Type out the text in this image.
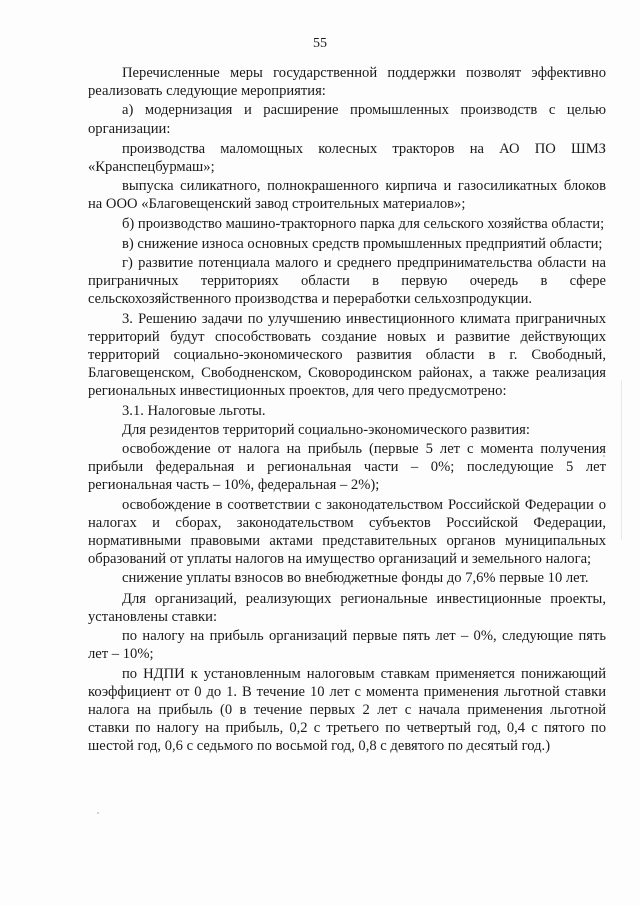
55

Перечисленные меры государственной поддержки позволят эффективно реализовать следующие мероприятия:

а) модернизация и расширение промышленных производств с целью организации:

производства маломощных колесных тракторов на АО ПО ШМЗ «Кранспецбурмаш»;

выпуска силикатного, полнокрашенного кирпича и газосиликатных блоков на ООО «Благовещенский завод строительных материалов»;

б) производство машино-тракторного парка для сельского хозяйства области;

в) снижение износа основных средств промышленных предприятий области;

г) развитие потенциала малого и среднего предпринимательства области на приграничных территориях области в первую очередь в сфере сельскохозяйственного производства и переработки сельхозпродукции.

3. Решению задачи по улучшению инвестиционного климата приграничных территорий будут способствовать создание новых и развитие действующих территорий социально-экономического развития области в г. Свободный, Благовещенском, Свободненском, Сковородинском районах, а также реализация региональных инвестиционных проектов, для чего предусмотрено:

3.1. Налоговые льготы.

Для резидентов территорий социально-экономического развития:

освобождение от налога на прибыль (первые 5 лет с момента получения прибыли федеральная и региональная части – 0%; последующие 5 лет региональная часть – 10%, федеральная – 2%);

освобождение в соответствии с законодательством Российской Федерации о налогах и сборах, законодательством субъектов Российской Федерации, нормативными правовыми актами представительных органов муниципальных образований от уплаты налогов на имущество организаций и земельного налога;

снижение уплаты взносов во внебюджетные фонды до 7,6% первые 10 лет.

Для организаций, реализующих региональные инвестиционные проекты, установлены ставки:

по налогу на прибыль организаций первые пять лет – 0%, следующие пять лет – 10%;

по НДПИ к установленным налоговым ставкам применяется понижающий коэффициент от 0 до 1. В течение 10 лет с момента применения льготной ставки налога на прибыль (0 в течение первых 2 лет с начала применения льготной ставки по налогу на прибыль, 0,2 с третьего по четвертый год, 0,4 с пятого по шестой год, 0,6 с седьмого по восьмой год, 0,8 с девятого по десятый год.)
